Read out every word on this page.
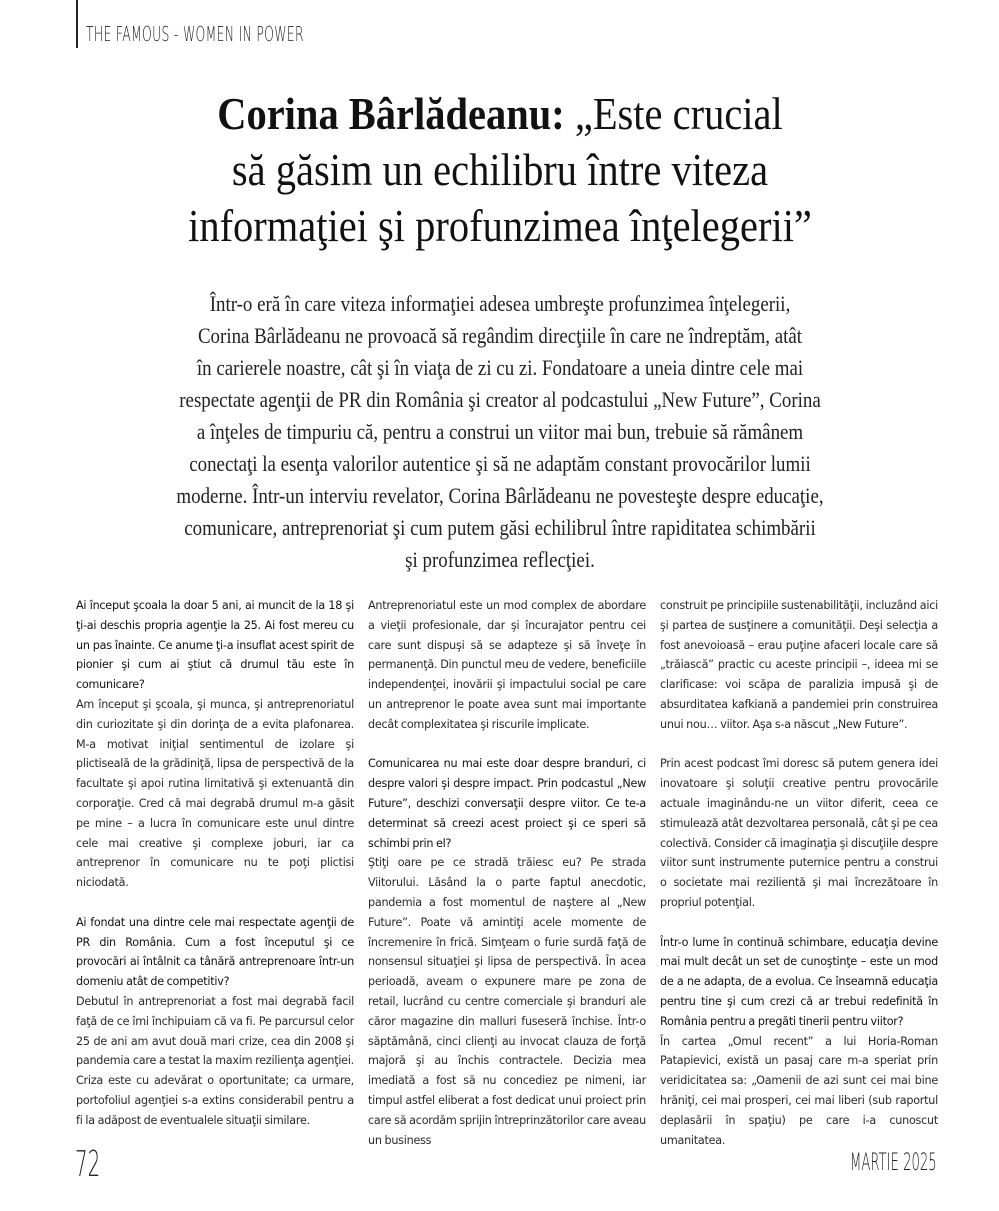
THE FAMOUS - WOMEN IN POWER
Corina Bârlădeanu: „Este crucial
să găsim un echilibru între viteza
informaţiei şi profunzimea înţelegerii”
Într-o eră în care viteza informaţiei adesea umbreşte profunzimea înţelegerii,
Corina Bârlădeanu ne provoacă să regândim direcţiile în care ne îndreptăm, atât
în carierele noastre, cât şi în viaţa de zi cu zi. Fondatoare a uneia dintre cele mai
respectate agenţii de PR din România şi creator al podcastului „New Future”, Corina
a înţeles de timpuriu că, pentru a construi un viitor mai bun, trebuie să rămânem
conectaţi la esenţa valorilor autentice şi să ne adaptăm constant provocărilor lumii
moderne. Într-un interviu revelator, Corina Bârlădeanu ne povesteşte despre educaţie,
comunicare, antreprenoriat şi cum putem găsi echilibrul între rapiditatea schimbării
şi profunzimea reflecţiei.

Ai început şcoala la doar 5 ani, ai muncit de la 18 şi ţi-ai deschis propria agenţie la 25. Ai fost mereu cu un pas înainte. Ce anume ţi-a insuflat acest spirit de pionier şi cum ai ştiut că drumul tău este în comunicare?

Am început şi şcoala, şi munca, şi antreprenoriatul din curiozitate şi din dorinţa de a evita plafonarea. M-a motivat iniţial sentimentul de izolare şi plictiseală de la grădiniţă, lipsa de perspectivă de la facultate şi apoi rutina limitativă şi extenuantă din corporaţie. Cred că mai degrabă drumul m-a găsit pe mine – a lucra în comunicare este unul dintre cele mai creative şi complexe joburi, iar ca antreprenor în comunicare nu te poţi plictisi niciodată.

Ai fondat una dintre cele mai respectate agenţii de PR din România. Cum a fost începutul şi ce provocări ai întâlnit ca tânără antreprenoare într-un domeniu atât de competitiv?

Debutul în antreprenoriat a fost mai degrabă facil faţă de ce îmi închipuiam că va fi. Pe parcursul celor 25 de ani am avut două mari crize, cea din 2008 şi pandemia care a testat la maxim rezilienţa agenţiei. Criza este cu adevărat o oportunitate; ca urmare, portofoliul agenţiei s-a extins considerabil pentru a fi la adăpost de eventualele situaţii similare.

Antreprenoriatul este un mod complex de abordare a vieţii profesionale, dar şi încurajator pentru cei care sunt dispuşi să se adapteze şi să înveţe în permanenţă. Din punctul meu de vedere, beneficiile independenţei, inovării şi impactului social pe care un antreprenor le poate avea sunt mai importante decât complexitatea şi riscurile implicate.

Comunicarea nu mai este doar despre branduri, ci despre valori şi despre impact. Prin podcastul „New Future”, deschizi conversaţii despre viitor. Ce te-a determinat să creezi acest proiect şi ce speri să schimbi prin el?

Ştiţi oare pe ce stradă trăiesc eu? Pe strada Viitorului. Lăsând la o parte faptul anecdotic, pandemia a fost momentul de naştere al „New Future”. Poate vă amintiţi acele momente de încremenire în frică. Simţeam o furie surdă faţă de nonsensul situaţiei şi lipsa de perspectivă. În acea perioadă, aveam o expunere mare pe zona de retail, lucrând cu centre comerciale şi branduri ale căror magazine din malluri fuseseră închise. Într-o săptămână, cinci clienţi au invocat clauza de forţă majoră şi au închis contractele. Decizia mea imediată a fost să nu concediez pe nimeni, iar timpul astfel eliberat a fost dedicat unui proiect prin care să acordăm sprijin întreprinzătorilor care aveau un business

construit pe principiile sustenabilităţii, incluzând aici şi partea de susţinere a comunităţii. Deşi selecţia a fost anevoioasă – erau puţine afaceri locale care să „trăiască” practic cu aceste principii –, ideea mi se clarificase: voi scăpa de paralizia impusă şi de absurditatea kafkiană a pandemiei prin construirea unui nou… viitor. Aşa s-a născut „New Future”.

Prin acest podcast îmi doresc să putem genera idei inovatoare şi soluţii creative pentru provocările actuale imaginându-ne un viitor diferit, ceea ce stimulează atât dezvoltarea personală, cât şi pe cea colectivă. Consider că imaginaţia şi discuţiile despre viitor sunt instrumente puternice pentru a construi o societate mai rezilientă şi mai încrezătoare în propriul potenţial.

Într-o lume în continuă schimbare, educaţia devine mai mult decât un set de cunoştinţe – este un mod de a ne adapta, de a evolua. Ce înseamnă educaţia pentru tine şi cum crezi că ar trebui redefinită în România pentru a pregăti tinerii pentru viitor?

În cartea „Omul recent” a lui Horia-Roman Patapievici, există un pasaj care m-a speriat prin veridicitatea sa: „Oamenii de azi sunt cei mai bine hrăniţi, cei mai prosperi, cei mai liberi (sub raportul deplasării în spaţiu) pe care i-a cunoscut umanitatea.

72	MARTIE 2025
